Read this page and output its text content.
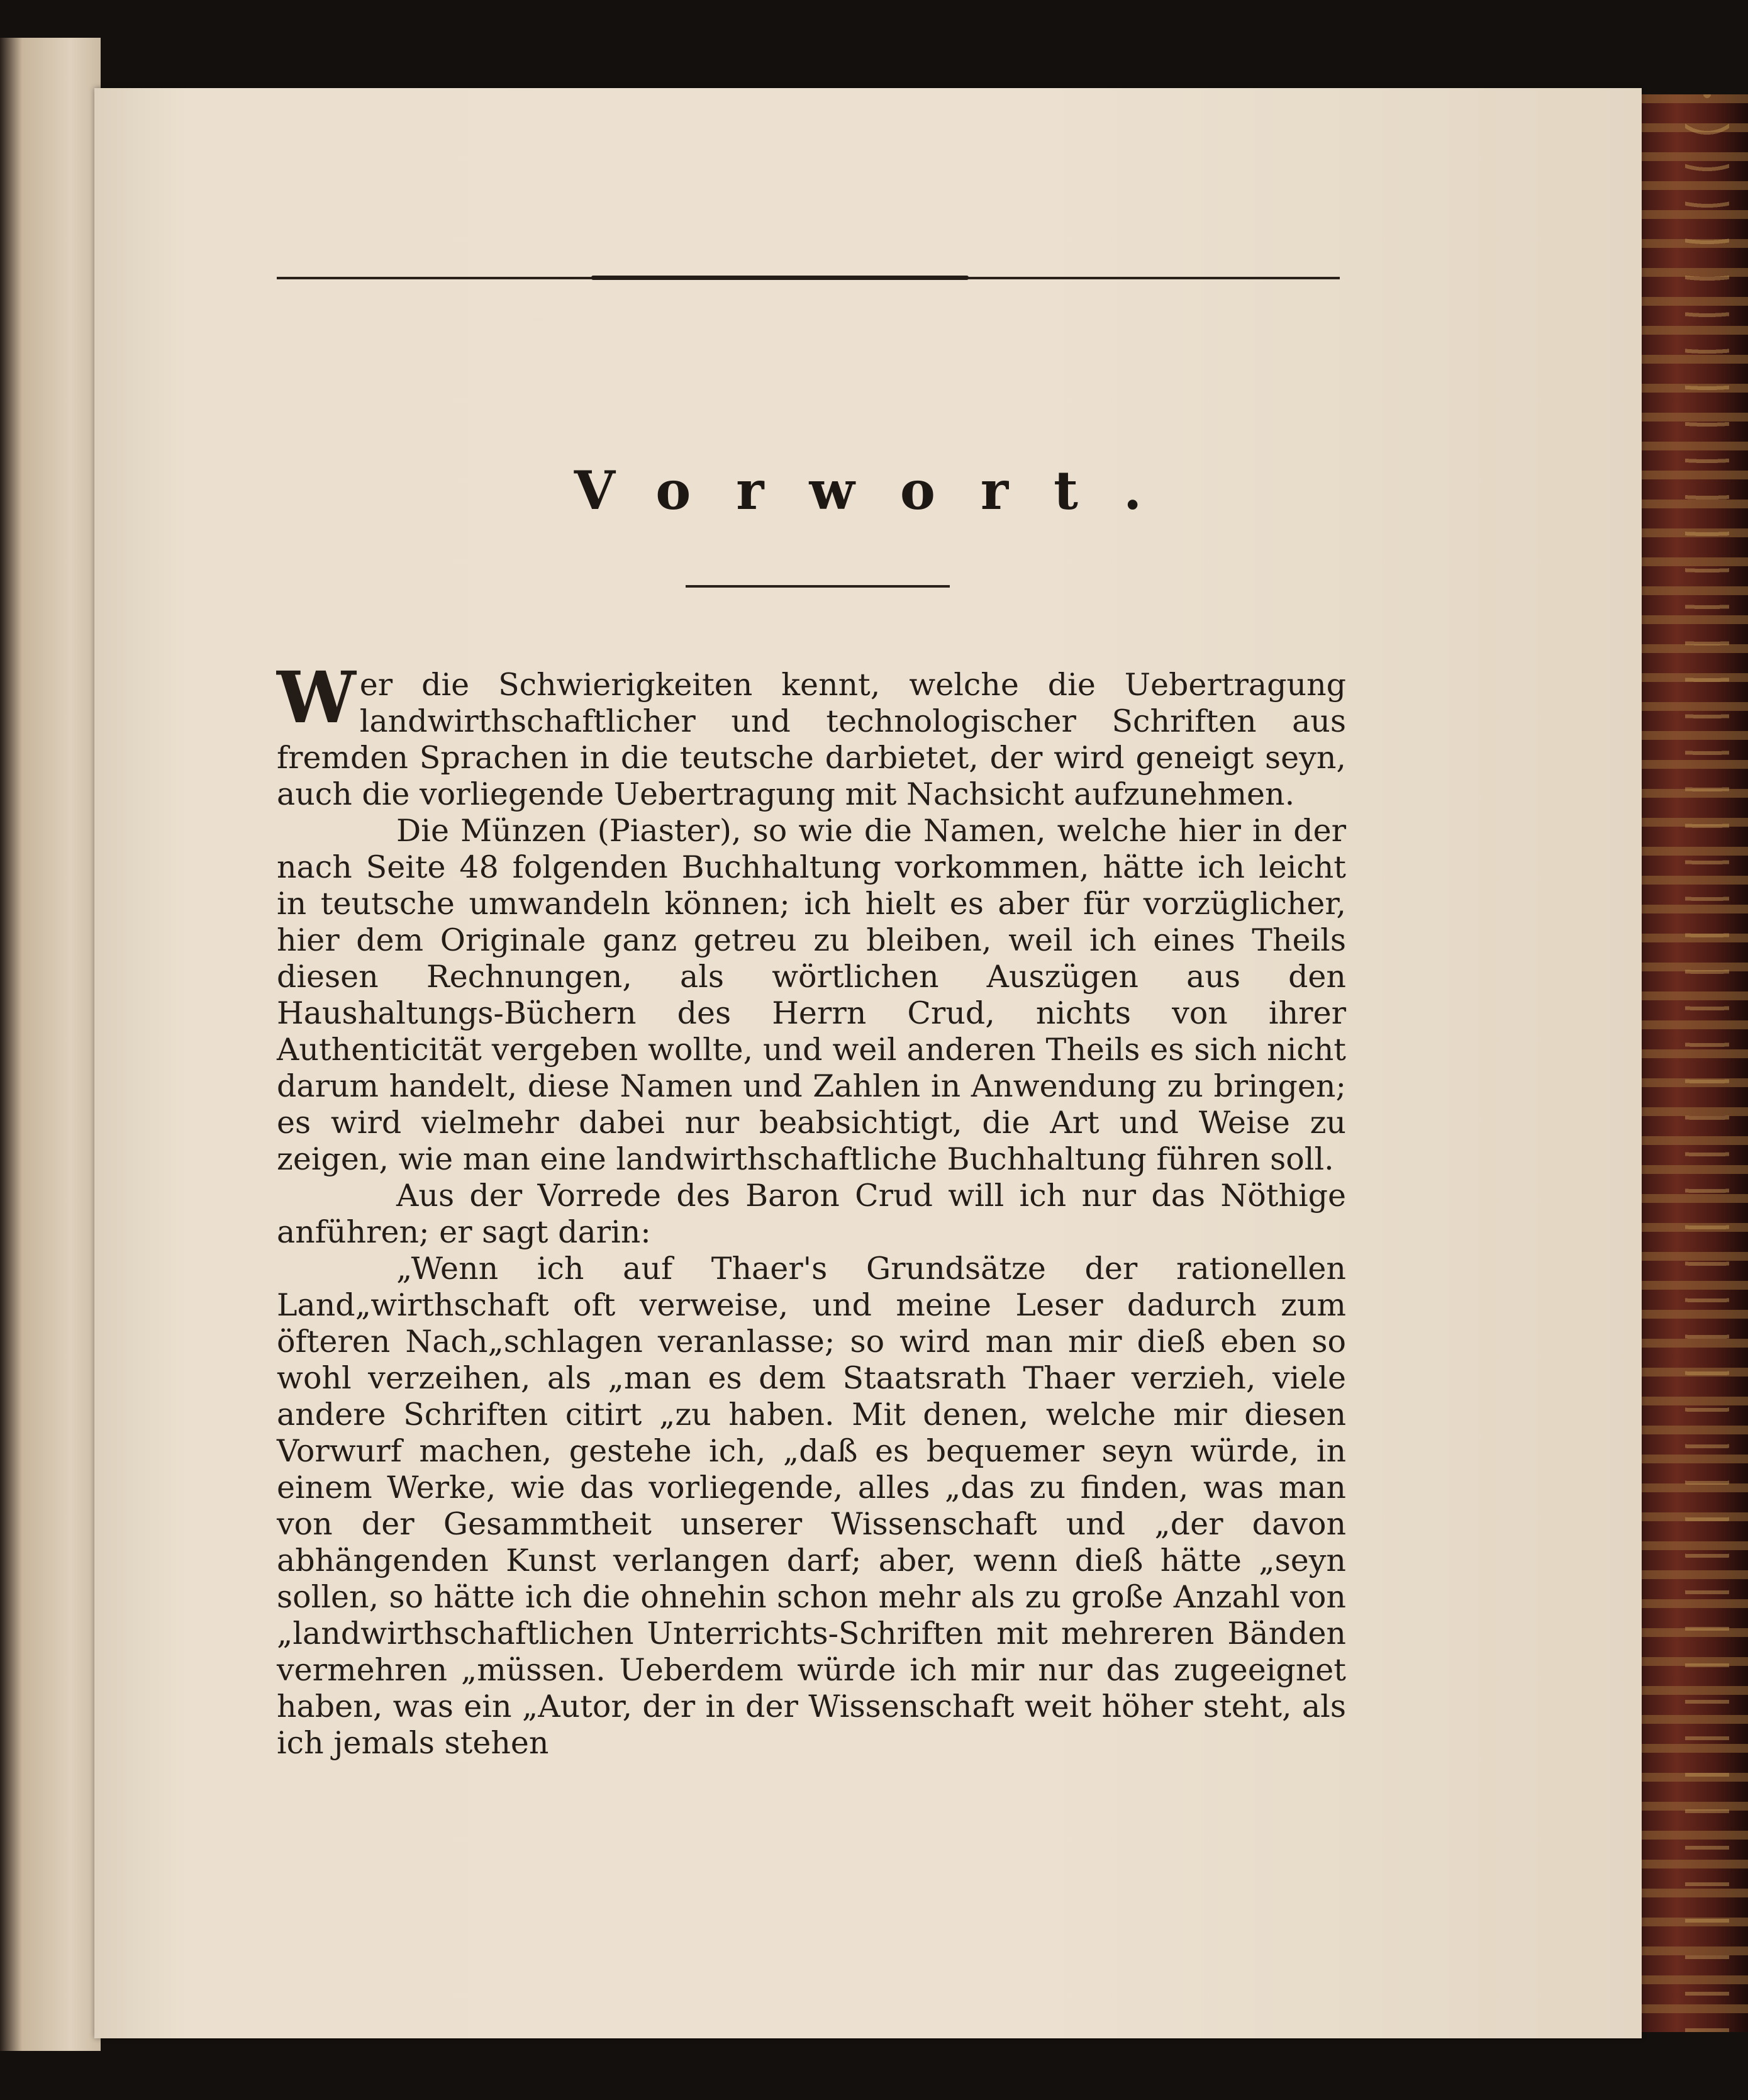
Vorwort.

Wer die Schwierigkeiten kennt, welche die Uebertragung landwirthschaftlicher und technologischer Schriften aus fremden Sprachen in die teutsche darbietet, der wird geneigt seyn, auch die vorliegende Uebertragung mit Nachsicht aufzunehmen.

Die Münzen (Piaster), so wie die Namen, welche hier in der nach Seite 48 folgenden Buchhaltung vorkommen, hätte ich leicht in teutsche umwandeln können; ich hielt es aber für vorzüglicher, hier dem Originale ganz getreu zu bleiben, weil ich eines Theils diesen Rechnungen, als wörtlichen Auszügen aus den Haushaltungs-Büchern des Herrn Crud, nichts von ihrer Authenticität vergeben wollte, und weil anderen Theils es sich nicht darum handelt, diese Namen und Zahlen in Anwendung zu bringen; es wird vielmehr dabei nur beabsichtigt, die Art und Weise zu zeigen, wie man eine landwirthschaftliche Buchhaltung führen soll.

Aus der Vorrede des Baron Crud will ich nur das Nöthige anführen; er sagt darin:

„Wenn ich auf Thaer's Grundsätze der rationellen Land„wirthschaft oft verweise, und meine Leser dadurch zum öfteren Nach„schlagen veranlasse; so wird man mir dieß eben so wohl verzeihen, als „man es dem Staatsrath Thaer verzieh, viele andere Schriften citirt „zu haben. Mit denen, welche mir diesen Vorwurf machen, gestehe ich, „daß es bequemer seyn würde, in einem Werke, wie das vorliegende, alles „das zu finden, was man von der Gesammtheit unserer Wissenschaft und „der davon abhängenden Kunst verlangen darf; aber, wenn dieß hätte „seyn sollen, so hätte ich die ohnehin schon mehr als zu große Anzahl von „landwirthschaftlichen Unterrichts-Schriften mit mehreren Bänden vermehren „müssen. Ueberdem würde ich mir nur das zugeeignet haben, was ein „Autor, der in der Wissenschaft weit höher steht, als ich jemals stehen
